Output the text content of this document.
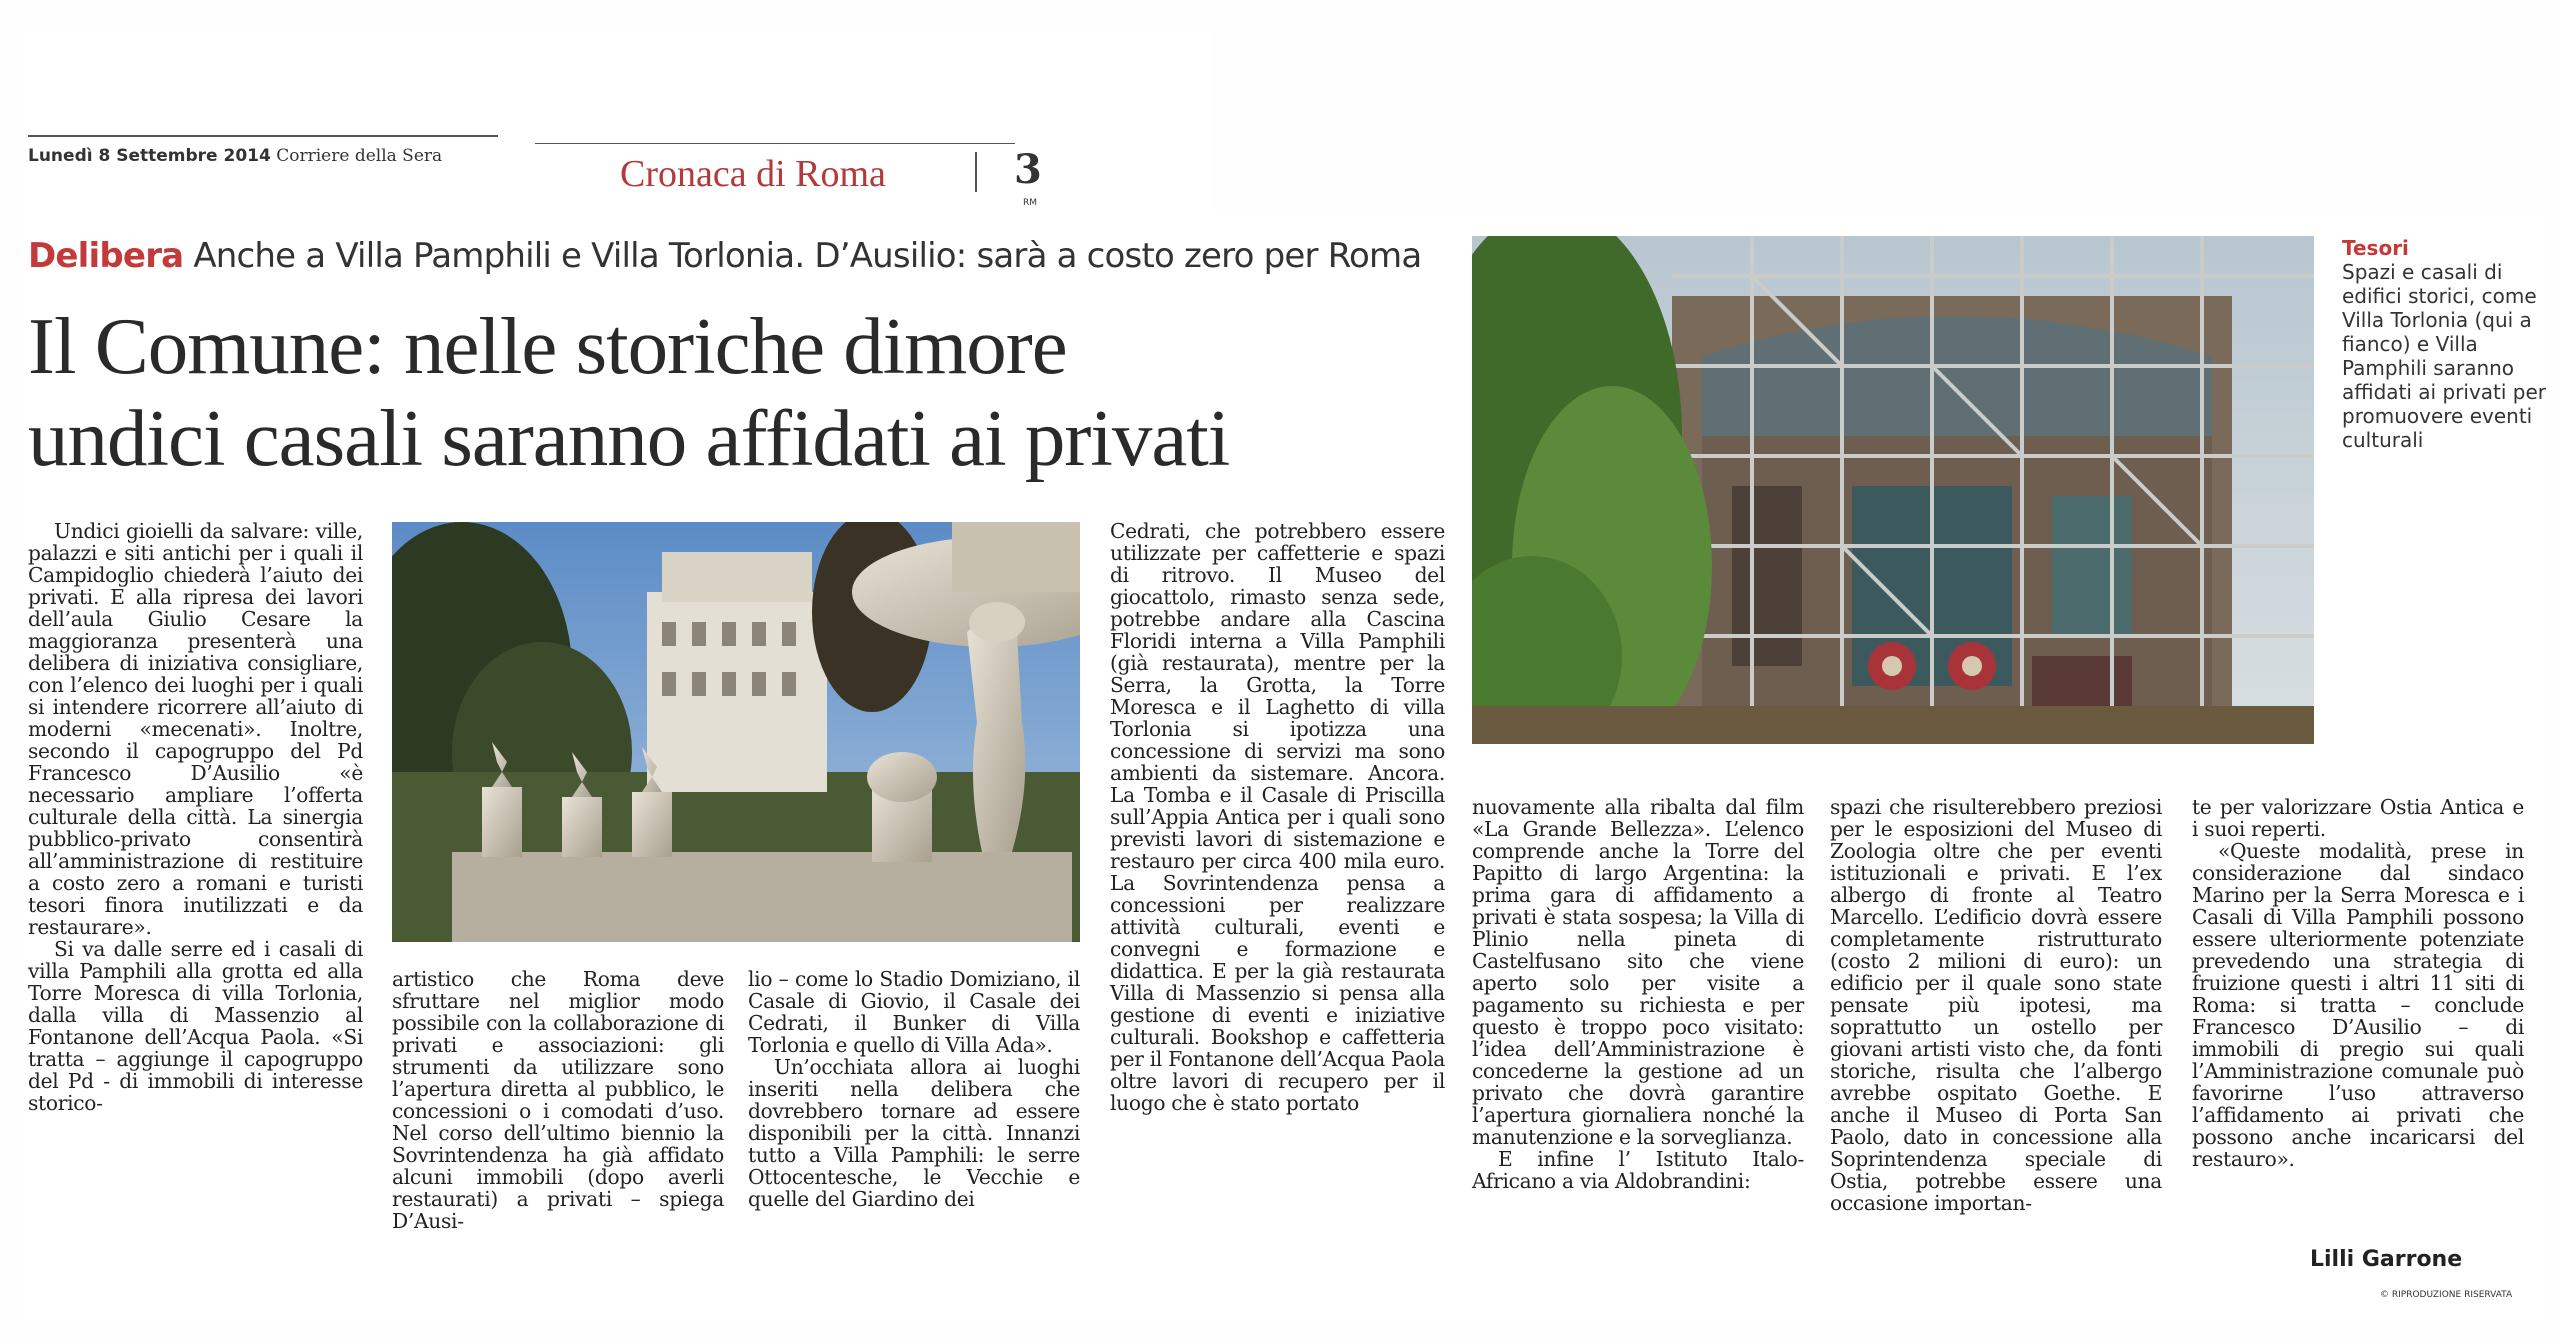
Lunedì 8 Settembre 2014 Corriere della Sera	Cronaca di Roma	3
RM
Delibera Anche a Villa Pamphili e Villa Torlonia. D’Ausilio: sarà a costo zero per Roma
Il Comune: nelle storiche dimore
undici casali saranno affidati ai privati
Tesori
Spazi e casali di edifici storici, come Villa Torlonia (qui a fianco) e Villa Pamphili saranno affidati ai privati per promuovere eventi culturali

Undici gioielli da salvare: ville, palazzi e siti antichi per i quali il Campidoglio chiederà l’aiuto dei privati. E alla ripresa dei lavori dell’aula Giulio Cesare la maggioranza presenterà una delibera di iniziativa consigliare, con l’elenco dei luoghi per i quali si intendere ricorrere all’aiuto di moderni «mecenati». Inoltre, secondo il capogruppo del Pd Francesco D’Ausilio «è necessario ampliare l’offerta culturale della città. La sinergia pubblico-privato consentirà all’amministrazione di restituire a costo zero a romani e turisti tesori finora inutilizzati e da restaurare».

Si va dalle serre ed i casali di villa Pamphili alla grotta ed alla Torre Moresca di villa Torlonia, dalla villa di Massenzio al Fontanone dell’Acqua Paola. «Si tratta – aggiunge il capogruppo del Pd - di immobili di interesse storico-

artistico che Roma deve sfruttare nel miglior modo possibile con la collaborazione di privati e associazioni: gli strumenti da utilizzare sono l’apertura diretta al pubblico, le concessioni o i comodati d’uso. Nel corso dell’ultimo biennio la Sovrintendenza ha già affidato alcuni immobili (dopo averli restaurati) a privati – spiega D’Ausi-

lio – come lo Stadio Domiziano, il Casale di Giovio, il Casale dei Cedrati, il Bunker di Villa Torlonia e quello di Villa Ada».

Un’occhiata allora ai luoghi inseriti nella delibera che dovrebbero tornare ad essere disponibili per la città. Innanzi tutto a Villa Pamphili: le serre Ottocentesche, le Vecchie e quelle del Giardino dei

Cedrati, che potrebbero essere utilizzate per caffetterie e spazi di ritrovo. Il Museo del giocattolo, rimasto senza sede, potrebbe andare alla Cascina Floridi interna a Villa Pamphili (già restaurata), mentre per la Serra, la Grotta, la Torre Moresca e il Laghetto di villa Torlonia si ipotizza una concessione di servizi ma sono ambienti da sistemare. Ancora. La Tomba e il Casale di Priscilla sull’Appia Antica per i quali sono previsti lavori di sistemazione e restauro per circa 400 mila euro. La Sovrintendenza pensa a concessioni per realizzare attività culturali, eventi e convegni e formazione e didattica. E per la già restaurata Villa di Massenzio si pensa alla gestione di eventi e iniziative culturali. Bookshop e caffetteria per il Fontanone dell’Acqua Paola oltre lavori di recupero per il luogo che è stato portato

nuovamente alla ribalta dal film «La Grande Bellezza». L’elenco comprende anche la Torre del Papitto di largo Argentina: la prima gara di affidamento a privati è stata sospesa; la Villa di Plinio nella pineta di Castelfusano sito che viene aperto solo per visite a pagamento su richiesta e per questo è troppo poco visitato: l’idea dell’Amministrazione è concederne la gestione ad un privato che dovrà garantire l’apertura giornaliera nonché la manutenzione e la sorveglianza.

E infine l’ Istituto Italo-Africano a via Aldobrandini:

spazi che risulterebbero preziosi per le esposizioni del Museo di Zoologia oltre che per eventi istituzionali e privati. E l’ex albergo di fronte al Teatro Marcello. L’edificio dovrà essere completamente ristrutturato (costo 2 milioni di euro): un edificio per il quale sono state pensate più ipotesi, ma soprattutto un ostello per giovani artisti visto che, da fonti storiche, risulta che l’albergo avrebbe ospitato Goethe. E anche il Museo di Porta San Paolo, dato in concessione alla Soprintendenza speciale di Ostia, potrebbe essere una occasione importan-

te per valorizzare Ostia Antica e i suoi reperti.

«Queste modalità, prese in considerazione dal sindaco Marino per la Serra Moresca e i Casali di Villa Pamphili possono essere ulteriormente potenziate prevedendo una strategia di fruizione questi i altri 11 siti di Roma: si tratta – conclude Francesco D’Ausilio – di immobili di pregio sui quali l’Amministrazione comunale può favorirne l’uso attraverso l’affidamento ai privati che possono anche incaricarsi del restauro».

Lilli Garrone
© RIPRODUZIONE RISERVATA
